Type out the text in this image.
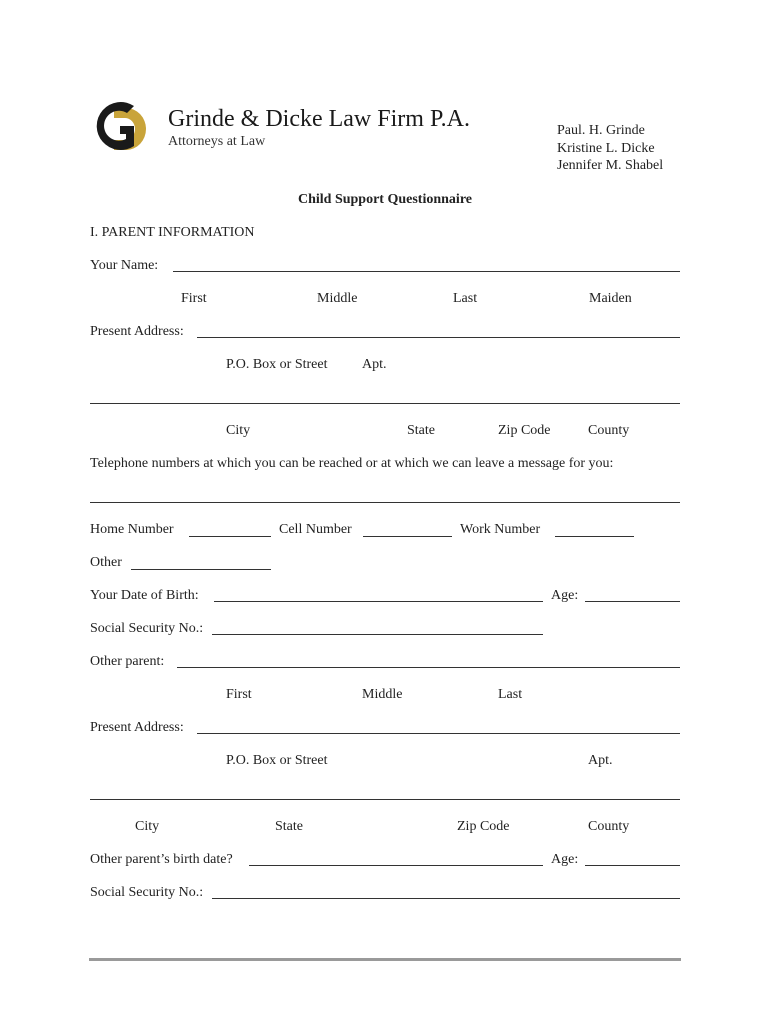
Grinde & Dicke Law Firm P.A.
Attorneys at Law
Paul. H. Grinde
Kristine L. Dicke
Jennifer M. Shabel
Child Support Questionnaire
I. PARENT INFORMATION
Your Name:
First	Middle	Last	Maiden
Present Address:
P.O. Box or Street Apt.
City	State	Zip Code	County
Telephone numbers at which you can be reached or at which we can leave a message for you:
Home Number	Cell Number	Work Number
Other
Your Date of Birth:	Age:
Social Security No.:
Other parent:
First	Middle	Last
Present Address:
P.O. Box or Street	Apt.
City	State	Zip Code	County
Other parent’s birth date?	Age:
Social Security No.:
